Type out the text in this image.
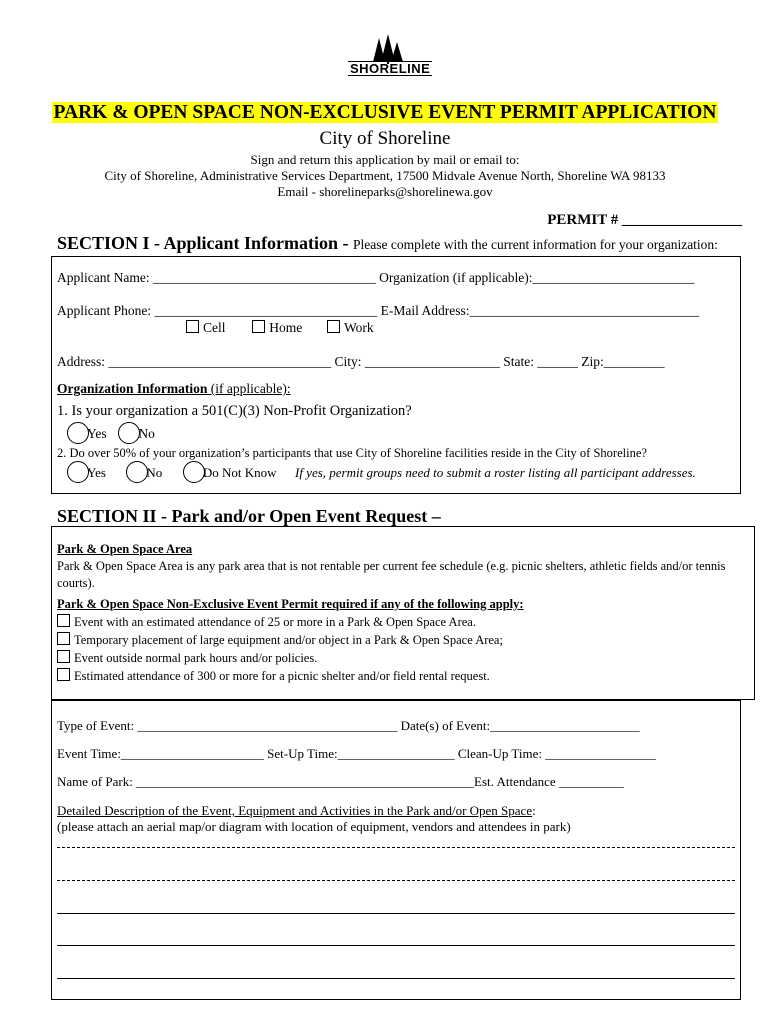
SHORELINE
PARK & OPEN SPACE NON-EXCLUSIVE EVENT PERMIT APPLICATION
City of Shoreline
Sign and return this application by mail or email to:
City of Shoreline, Administrative Services Department, 17500 Midvale Avenue North, Shoreline WA 98133
Email - shorelineparks@shorelinewa.gov
PERMIT # ________________
SECTION I - Applicant Information - Please complete with the current information for your organization:
Applicant Name: _________________________________ Organization (if applicable):________________________
Applicant Phone: _________________________________ E-Mail Address:__________________________________
Cell	Home	Work
Address: _________________________________ City: ____________________ State: ______ Zip:_________
Organization Information (if applicable):
1. Is your organization a 501(C)(3) Non-Profit Organization?
Yes No
2. Do over 50% of your organization’s participants that use City of Shoreline facilities reside in the City of Shoreline?
Yes	No	Do Not Know If yes, permit groups need to submit a roster listing all participant addresses.
SECTION II - Park and/or Open Event Request –
Park & Open Space Area
Park & Open Space Area is any park area that is not rentable per current fee schedule (e.g. picnic shelters, athletic fields and/or tennis courts).
Park & Open Space Non-Exclusive Event Permit required if any of the following apply:
Event with an estimated attendance of 25 or more in a Park & Open Space Area.
Temporary placement of large equipment and/or object in a Park & Open Space Area;
Event outside normal park hours and/or policies.
Estimated attendance of 300 or more for a picnic shelter and/or field rental request.
Type of Event: ________________________________________ Date(s) of Event:_______________________
Event Time:______________________ Set-Up Time:__________________ Clean-Up Time: _________________
Name of Park: ____________________________________________________Est. Attendance __________
Detailed Description of the Event, Equipment and Activities in the Park and/or Open Space:
(please attach an aerial map/or diagram with location of equipment, vendors and attendees in park)
